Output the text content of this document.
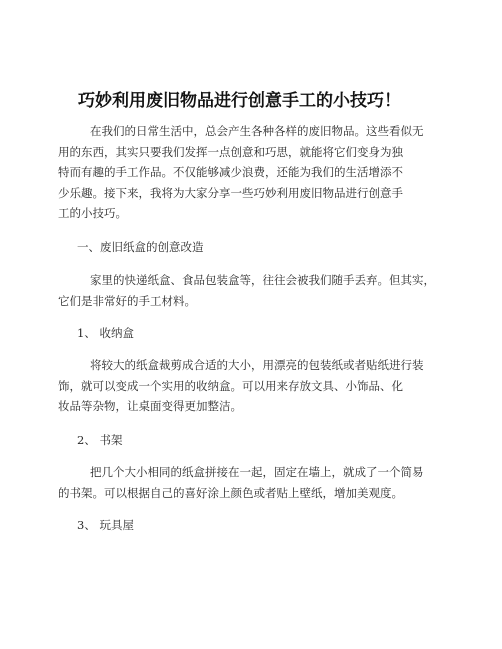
巧妙利用废旧物品进行创意手工的小技巧！
在我们的日常生活中，总会产生各种各样的废旧物品。这些看似无
用的东西，其实只要我们发挥一点创意和巧思，就能将它们变身为独
特而有趣的手工作品。不仅能够减少浪费，还能为我们的生活增添不
少乐趣。接下来，我将为大家分享一些巧妙利用废旧物品进行创意手
工的小技巧。
一、废旧纸盒的创意改造
家里的快递纸盒、食品包装盒等，往往会被我们随手丢弃。但其实，
它们是非常好的手工材料。
1、 收纳盒
将较大的纸盒裁剪成合适的大小，用漂亮的包装纸或者贴纸进行装
饰，就可以变成一个实用的收纳盒。可以用来存放文具、小饰品、化
妆品等杂物，让桌面变得更加整洁。
2、 书架
把几个大小相同的纸盒拼接在一起，固定在墙上，就成了一个简易
的书架。可以根据自己的喜好涂上颜色或者贴上壁纸，增加美观度。
3、 玩具屋
